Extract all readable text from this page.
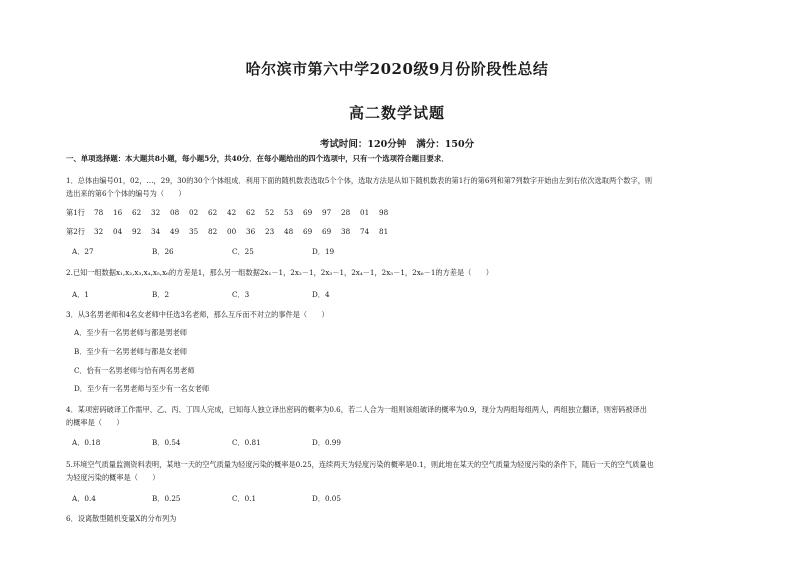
哈尔滨市第六中学2020级9月份阶段性总结
高二数学试题
考试时间：120分钟 满分：150分
一、单项选择题：本大题共8小题，每小题5分，共40分．在每小题给出的四个选项中，只有一个选项符合题目要求．
1．总体由编号01，02，…，29，30的30个个体组成．利用下面的随机数表选取5个个体，选取方法是从如下随机数表的第1行的第6列和第7列数字开始由左到右依次选取两个数字，则
选出来的第6个个体的编号为（　　）
第1行 78 16 62 32 08 02 62 42 62 52 53 69 97 28 01 98
第2行 32 04 92 34 49 35 82 00 36 23 48 69 69 38 74 81
A．27	B．26	C．25	D．19
2.已知一组数据x₁,x₂,x₃,x₄,x₅,x₆的方差是1，那么另一组数据2x₁－1，2x₂－1，2x₃－1，2x₄－1，2x₅－1，2x₆－1的方差是（　　）
A．1	B．2	C．3	D．4
3．从3名男老师和4名女老师中任选3名老师，那么互斥而不对立的事件是（　　）
A．至少有一名男老师与都是男老师
B．至少有一名男老师与都是女老师
C．恰有一名男老师与恰有两名男老师
D．至少有一名男老师与至少有一名女老师
4．某项密码破译工作需甲、乙、丙、丁四人完成，已知每人独立译出密码的概率为0.6，若二人合为一组则该组破译的概率为0.9，现分为两组每组两人，两组独立翻译，则密码被译出
的概率是（　　）
A．0.18	B．0.54	C．0.81	D．0.99
5.环境空气质量监测资料表明，某地一天的空气质量为轻度污染的概率是0.25，连续两天为轻度污染的概率是0.1，则此地在某天的空气质量为轻度污染的条件下，随后一天的空气质量也
为轻度污染的概率是（　　）
A．0.4	B．0.25	C．0.1	D．0.05
6．设离散型随机变量X的分布列为
